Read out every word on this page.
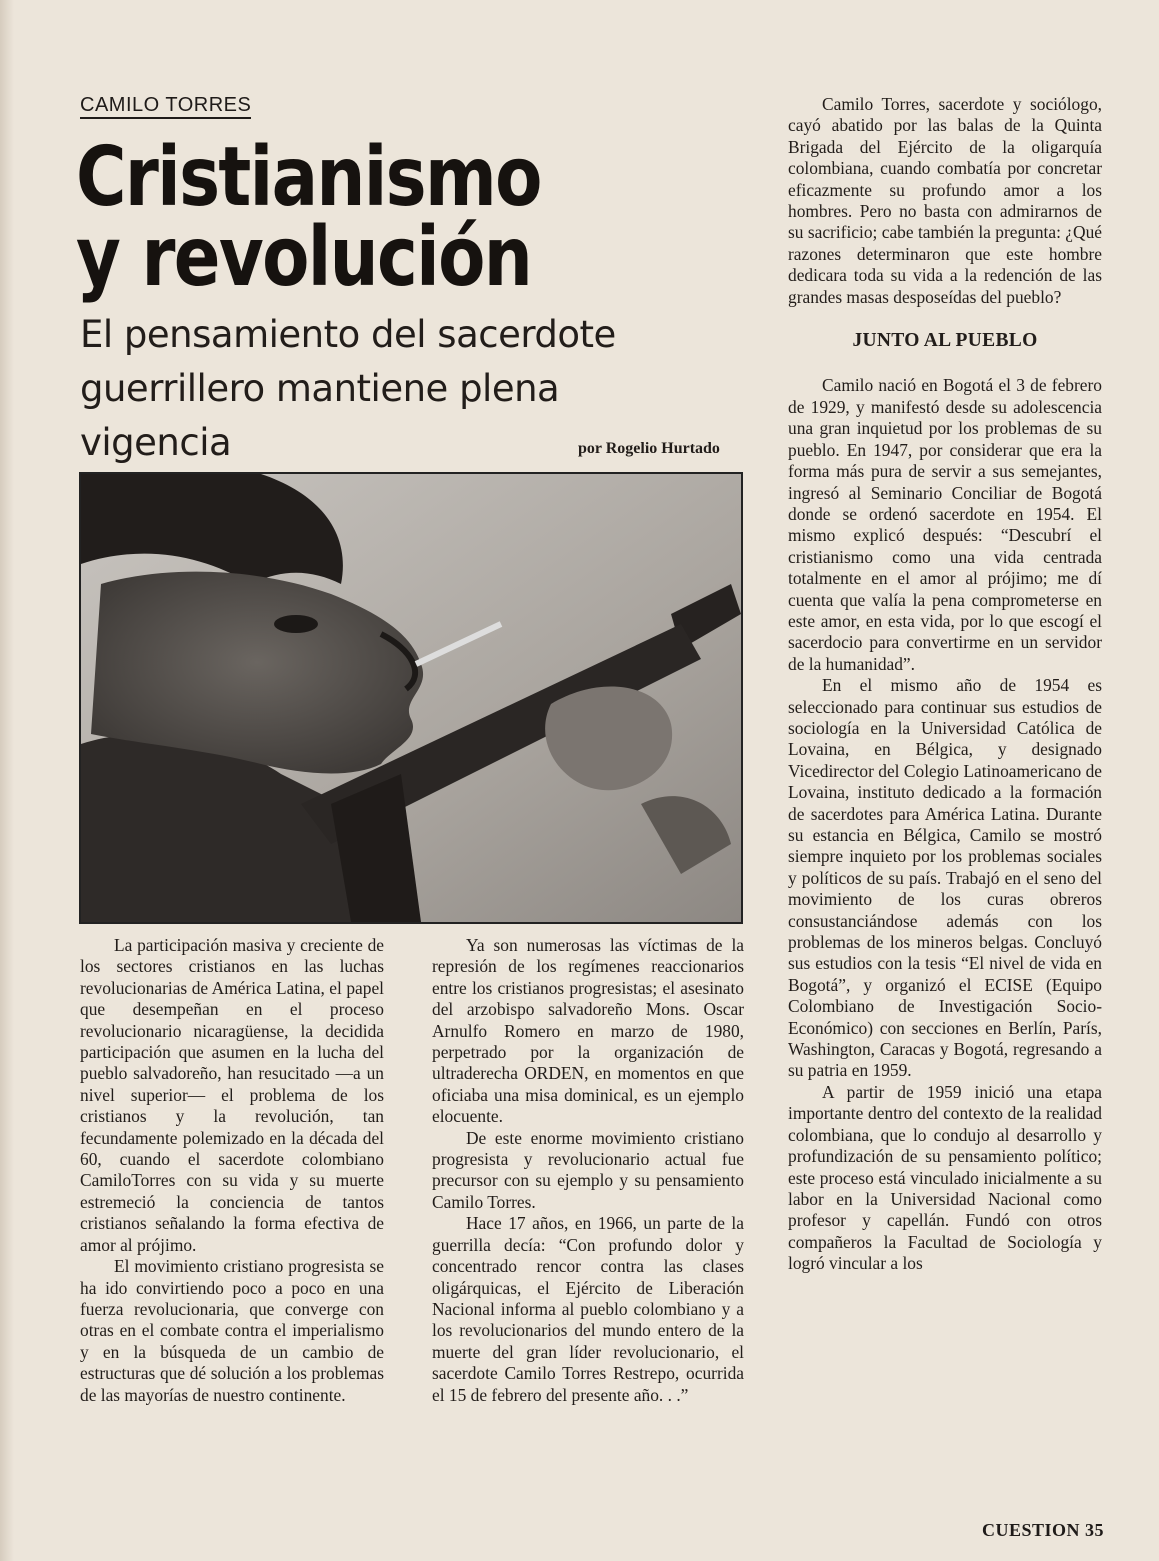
CAMILO TORRES
Cristianismo
y revolución
El pensamiento del sacerdote
guerrillero mantiene plena
vigencia	por Rogelio Hurtado

La participación masiva y creciente de los sectores cristianos en las luchas revolucionarias de América Latina, el papel que desempeñan en el proceso revolucionario nicaragüense, la decidida participación que asumen en la lucha del pueblo salvadoreño, han resucitado —a un nivel superior— el problema de los cristianos y la revolución, tan fecundamente polemizado en la década del 60, cuando el sacerdote colombiano CamiloTorres con su vida y su muerte estremeció la conciencia de tantos cristianos señalando la forma efectiva de amor al prójimo.

El movimiento cristiano progresista se ha ido convirtiendo poco a poco en una fuerza revolucionaria, que converge con otras en el combate contra el imperialismo y en la búsqueda de un cambio de estructuras que dé solución a los problemas de las mayorías de nuestro continente.

Ya son numerosas las víctimas de la represión de los regímenes reaccionarios entre los cristianos progresistas; el asesinato del arzobispo salvadoreño Mons. Oscar Arnulfo Romero en marzo de 1980, perpetrado por la organización de ultraderecha ORDEN, en momentos en que oficiaba una misa dominical, es un ejemplo elocuente.

De este enorme movimiento cristiano progresista y revolucionario actual fue precursor con su ejemplo y su pensamiento Camilo Torres.

Hace 17 años, en 1966, un parte de la guerrilla decía: “Con profundo dolor y concentrado rencor contra las clases oligárquicas, el Ejército de Liberación Nacional informa al pueblo colombiano y a los revolucionarios del mundo entero de la muerte del gran líder revolucionario, el sacerdote Camilo Torres Restrepo, ocurrida el 15 de febrero del presente año. . .”

Camilo Torres, sacerdote y sociólogo, cayó abatido por las balas de la Quinta Brigada del Ejército de la oligarquía colombiana, cuando combatía por concretar eficazmente su profundo amor a los hombres. Pero no basta con admirarnos de su sacrificio; cabe también la pregunta: ¿Qué razones determinaron que este hombre dedicara toda su vida a la redención de las grandes masas desposeídas del pueblo?

JUNTO AL PUEBLO

Camilo nació en Bogotá el 3 de febrero de 1929, y manifestó desde su adolescencia una gran inquietud por los problemas de su pueblo. En 1947, por considerar que era la forma más pura de servir a sus semejantes, ingresó al Seminario Conciliar de Bogotá donde se ordenó sacerdote en 1954. El mismo explicó después: “Descubrí el cristianismo como una vida centrada totalmente en el amor al prójimo; me dí cuenta que valía la pena comprometerse en este amor, en esta vida, por lo que escogí el sacerdocio para convertirme en un servidor de la humanidad”.

En el mismo año de 1954 es seleccionado para continuar sus estudios de sociología en la Universidad Católica de Lovaina, en Bélgica, y designado Vicedirector del Colegio Latinoamericano de Lovaina, instituto dedicado a la formación de sacerdotes para América Latina. Durante su estancia en Bélgica, Camilo se mostró siempre inquieto por los problemas sociales y políticos de su país. Trabajó en el seno del movimiento de los curas obreros consustanciándose además con los problemas de los mineros belgas. Concluyó sus estudios con la tesis “El nivel de vida en Bogotá”, y organizó el ECISE (Equipo Colombiano de Investigación Socio-Económico) con secciones en Berlín, París, Washington, Caracas y Bogotá, regresando a su patria en 1959.

A partir de 1959 inició una etapa importante dentro del contexto de la realidad colombiana, que lo condujo al desarrollo y profundización de su pensamiento político; este proceso está vinculado inicialmente a su labor en la Universidad Nacional como profesor y capellán. Fundó con otros compañeros la Facultad de Sociología y logró vincular a los

CUESTION 35
